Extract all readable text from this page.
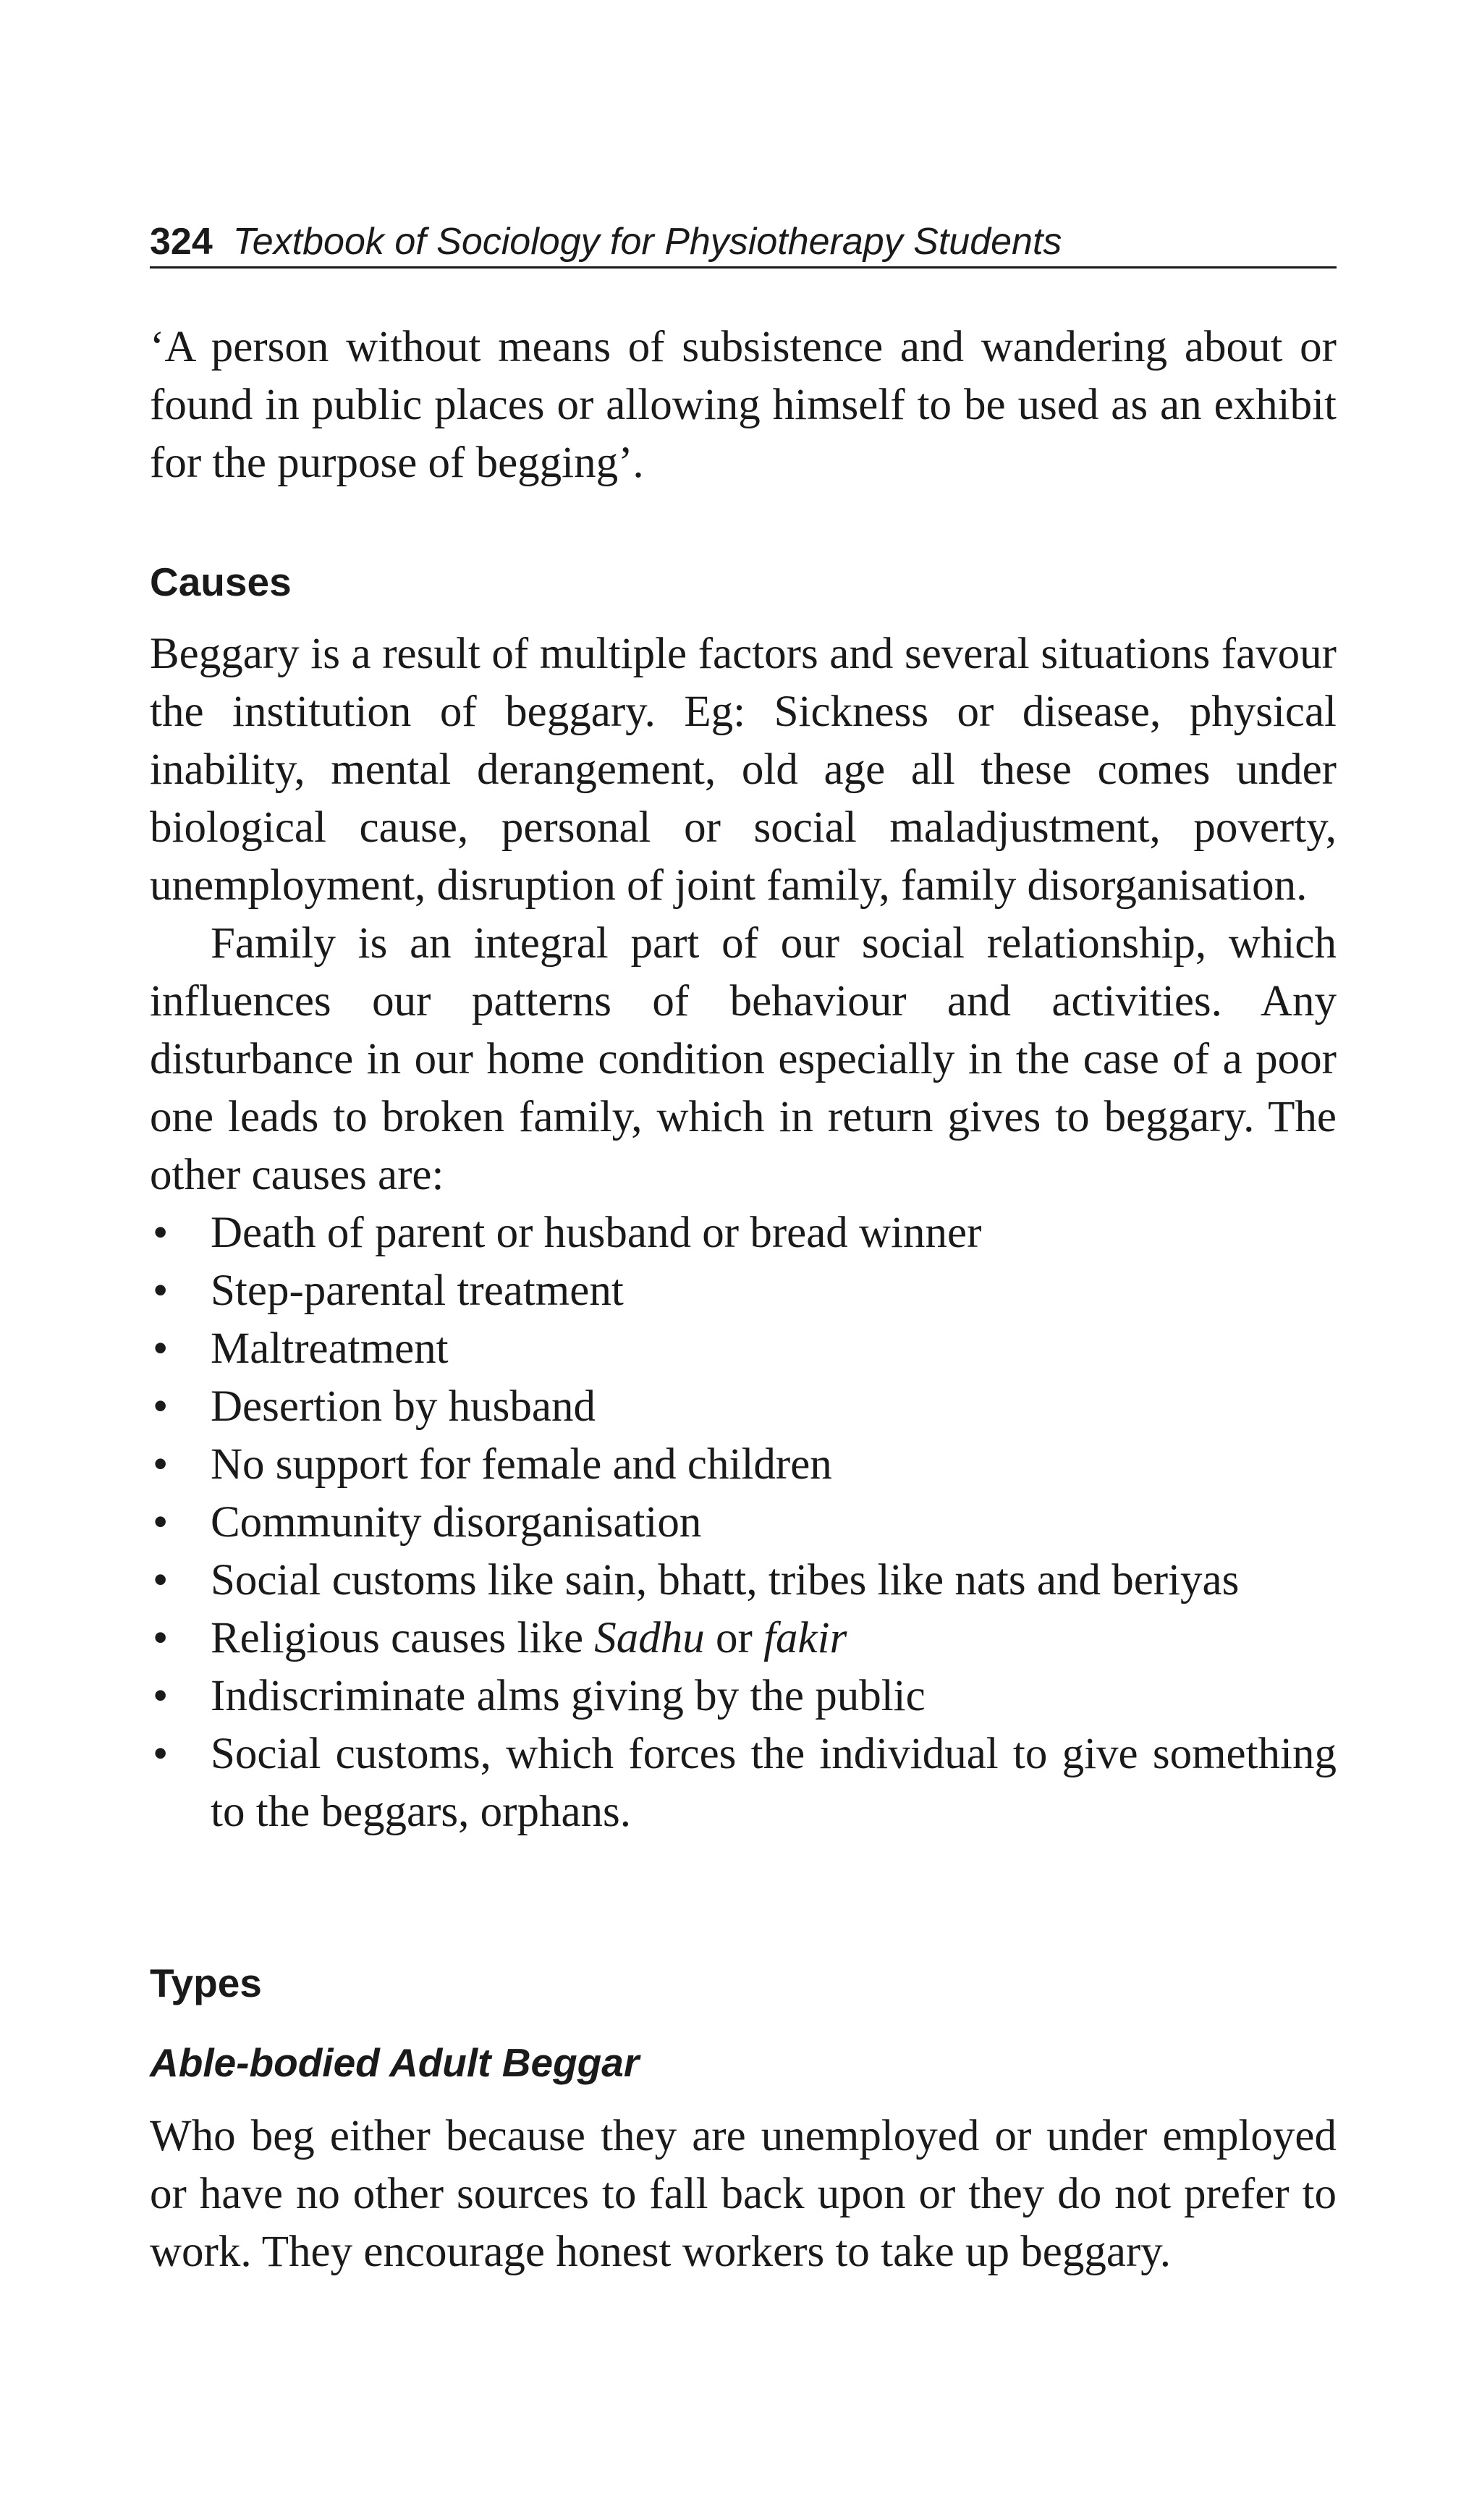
324 Textbook of Sociology for Physiotherapy Students

‘A person without means of subsistence and wandering about or found in public places or allowing himself to be used as an exhibit for the purpose of begging’.

Causes

Beggary is a result of multiple factors and several situations favour the institution of beggary. Eg: Sickness or disease, physical inability, mental derangement, old age all these comes under biological cause, personal or social maladjustment, poverty, unemployment, disruption of joint family, family disorganisation.

Family is an integral part of our social relationship, which influences our patterns of behaviour and activities. Any disturbance in our home condition especially in the case of a poor one leads to broken family, which in return gives to beggary. The other causes are:

• Death of parent or husband or bread winner
• Step-parental treatment
• Maltreatment
• Desertion by husband
• No support for female and children
• Community disorganisation
• Social customs like sain, bhatt, tribes like nats and beriyas
• Religious causes like Sadhu or fakir
• Indiscriminate alms giving by the public
• Social customs, which forces the individual to give something to the beggars, orphans.
Types
Able-bodied Adult Beggar

Who beg either because they are unemployed or under employed or have no other sources to fall back upon or they do not prefer to work. They encourage honest workers to take up beggary.
